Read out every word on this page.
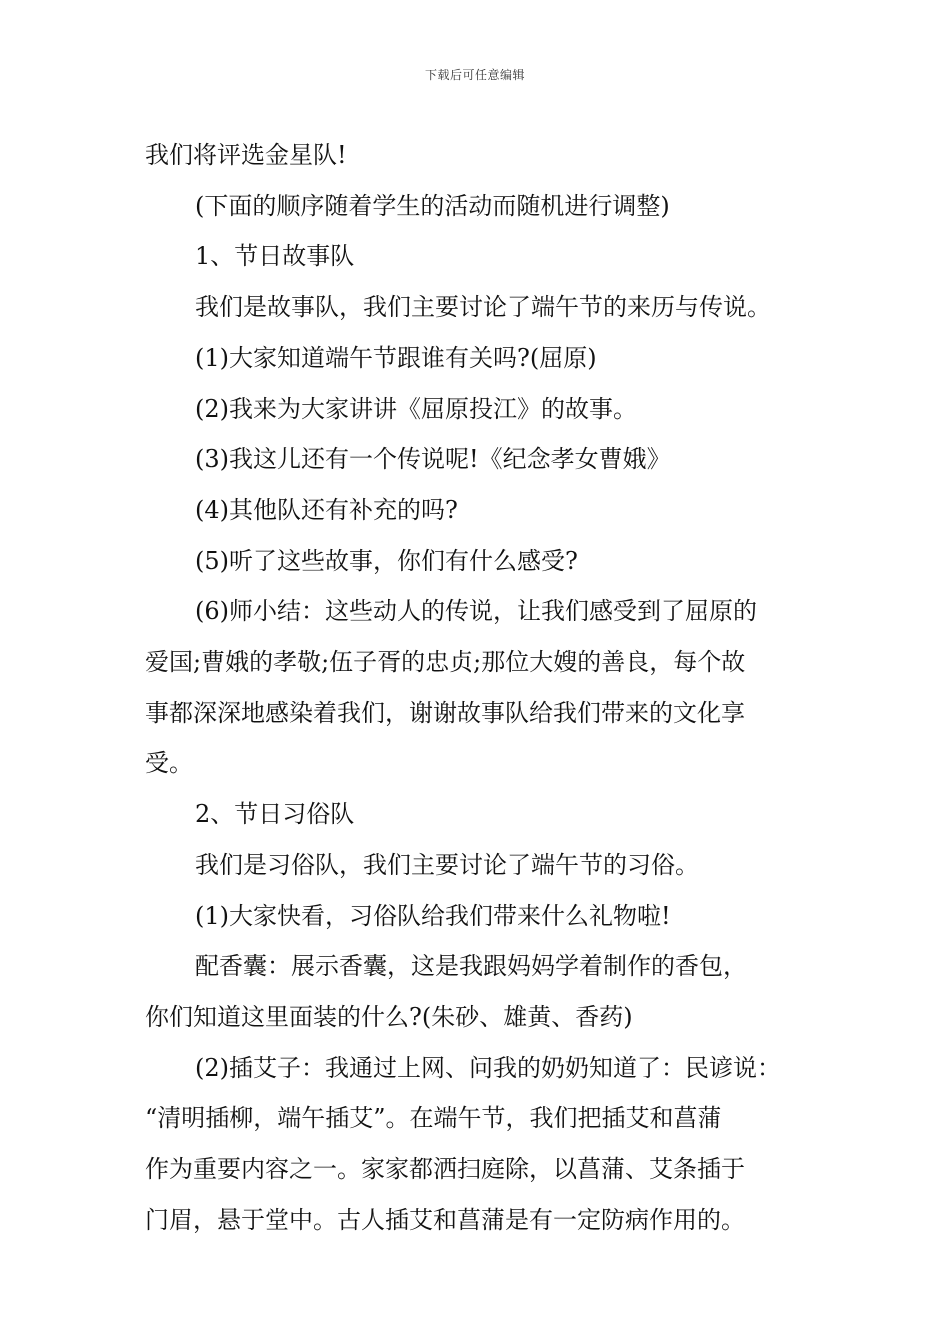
下载后可任意编辑

我们将评选金星队!

(下面的顺序随着学生的活动而随机进行调整)

1、节日故事队

我们是故事队，我们主要讨论了端午节的来历与传说。

(1)大家知道端午节跟谁有关吗?(屈原)

(2)我来为大家讲讲《屈原投江》的故事。

(3)我这儿还有一个传说呢!《纪念孝女曹娥》

(4)其他队还有补充的吗?

(5)听了这些故事，你们有什么感受?

(6)师小结：这些动人的传说，让我们感受到了屈原的

爱国;曹娥的孝敬;伍子胥的忠贞;那位大嫂的善良，每个故

事都深深地感染着我们，谢谢故事队给我们带来的文化享

受。

2、节日习俗队

我们是习俗队，我们主要讨论了端午节的习俗。

(1)大家快看，习俗队给我们带来什么礼物啦!

配香囊：展示香囊，这是我跟妈妈学着制作的香包，

你们知道这里面装的什么?(朱砂、雄黄、香药)

(2)插艾子：我通过上网、问我的奶奶知道了：民谚说：

“清明插柳，端午插艾”。在端午节，我们把插艾和菖蒲

作为重要内容之一。家家都洒扫庭除，以菖蒲、艾条插于

门眉，悬于堂中。古人插艾和菖蒲是有一定防病作用的。
